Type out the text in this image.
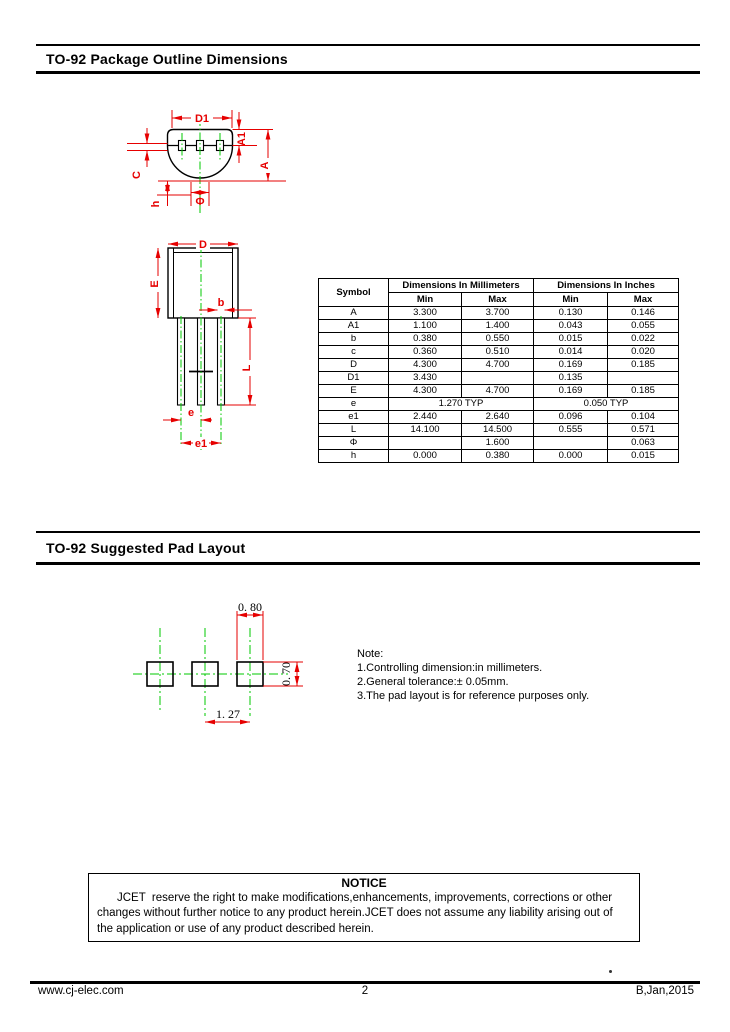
TO-92 Package Outline Dimensions
D1
C
A1
A
h	Φ
D
E
b
L
e
e1
Symbol	Dimensions In Millimeters		Dimensions In Inches	
	Min	Max	Min	Max
A	3.300	3.700	0.130	0.146
A1	1.100	1.400	0.043	0.055
b	0.380	0.550	0.015	0.022
c	0.360	0.510	0.014	0.020
D	4.300	4.700	0.169	0.185
D1	3.430		0.135	
E	4.300	4.700	0.169	0.185
e	1.270 TYP		0.050 TYP	
e1	2.440	2.640	0.096	0.104
L	14.100	14.500	0.555	0.571
Φ		1.600		0.063
h	0.000	0.380	0.000	0.015
TO-92 Suggested Pad Layout
0. 80
0. 70
1. 27
Note:
1.Controlling dimension:in millimeters.
2.General tolerance:± 0.05mm.
3.The pad layout is for reference purposes only.
NOTICE
JCET  reserve the right to make modifications,enhancements, improvements, corrections or other changes without further notice to any product herein.JCET does not assume any liability arising out of the application or use of any product described herein.
www.cj-elec.com	2	B,Jan,2015
